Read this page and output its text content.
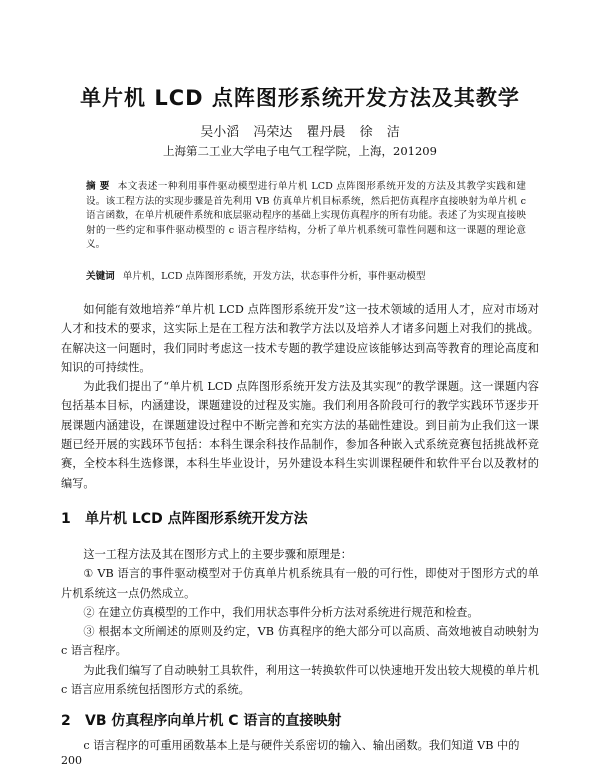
单片机 LCD 点阵图形系统开发方法及其教学
吴小滔 冯荣达 瞿丹晨 徐 洁
上海第二工业大学电子电气工程学院，上海，201209
摘 要 本文表述一种利用事件驱动模型进行单片机 LCD 点阵图形系统开发的方法及其教学实践和建设。该工程方法的实现步骤是首先利用 VB 仿真单片机目标系统，然后把仿真程序直接映射为单片机 c 语言函数，在单片机硬件系统和底层驱动程序的基础上实现仿真程序的所有功能。表述了为实现直接映射的一些约定和事件驱动模型的 c 语言程序结构，分析了单片机系统可靠性问题和这一课题的理论意义。
关键词 单片机，LCD 点阵图形系统，开发方法，状态事件分析，事件驱动模型

如何能有效地培养“单片机 LCD 点阵图形系统开发”这一技术领域的适用人才，应对市场对人才和技术的要求，这实际上是在工程方法和教学方法以及培养人才诸多问题上对我们的挑战。在解决这一问题时，我们同时考虑这一技术专题的教学建设应该能够达到高等教育的理论高度和知识的可持续性。

为此我们提出了“单片机 LCD 点阵图形系统开发方法及其实现”的教学课题。这一课题内容包括基本目标，内涵建设，课题建设的过程及实施。我们利用各阶段可行的教学实践环节逐步开展课题内涵建设，在课题建设过程中不断完善和充实方法的基础性建设。到目前为止我们这一课题已经开展的实践环节包括：本科生课余科技作品制作，参加各种嵌入式系统竞赛包括挑战杯竞赛，全校本科生选修课，本科生毕业设计，另外建设本科生实训课程硬件和软件平台以及教材的编写。

1 单片机 LCD 点阵图形系统开发方法

这一工程方法及其在图形方式上的主要步骤和原理是：

① VB 语言的事件驱动模型对于仿真单片机系统具有一般的可行性，即使对于图形方式的单片机系统这一点仍然成立。

② 在建立仿真模型的工作中，我们用状态事件分析方法对系统进行规范和检查。

③ 根据本文所阐述的原则及约定，VB 仿真程序的绝大部分可以高质、高效地被自动映射为 c 语言程序。

为此我们编写了自动映射工具软件，利用这一转换软件可以快速地开发出较大规模的单片机 c 语言应用系统包括图形方式的系统。

2 VB 仿真程序向单片机 C 语言的直接映射

c 语言程序的可重用函数基本上是与硬件关系密切的输入、输出函数。我们知道 VB 中的

200
